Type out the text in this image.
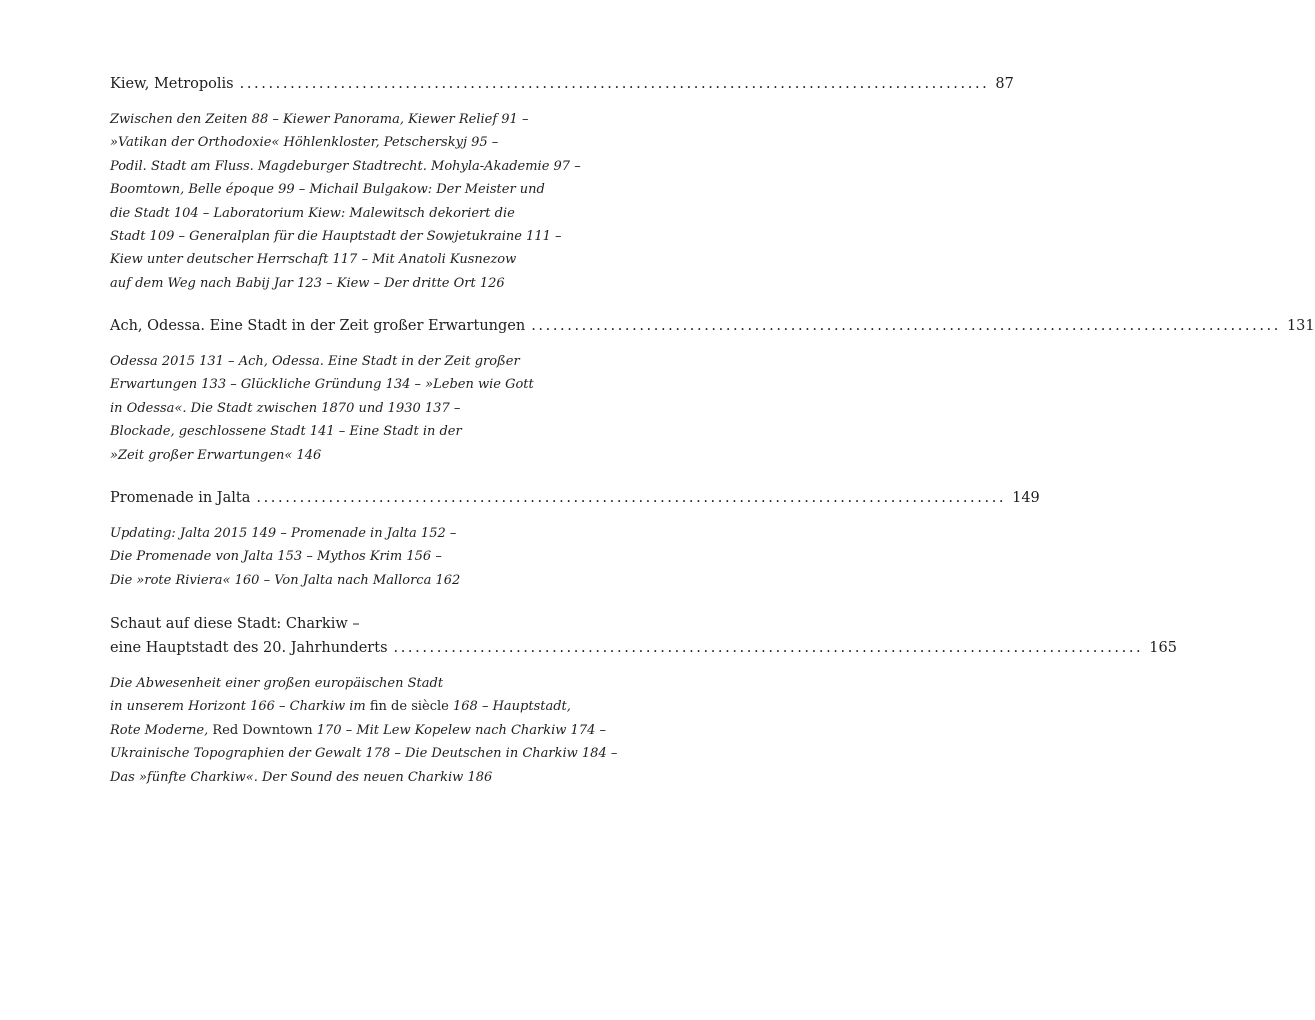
Kiew, Metropolis ........................................................................................................ 87
Zwischen den Zeiten 88 – Kiewer Panorama, Kiewer Relief 91 –
»Vatikan der Orthodoxie« Höhlenkloster, Petscherskyj 95 –
Podil. Stadt am Fluss. Magdeburger Stadtrecht. Mohyla-Akademie 97 –
Boomtown, Belle époque 99 – Michail Bulgakow: Der Meister und
die Stadt 104 – Laboratorium Kiew: Malewitsch dekoriert die
Stadt 109 – Generalplan für die Hauptstadt der Sowjetukraine 111 –
Kiew unter deutscher Herrschaft 117 – Mit Anatoli Kusnezow
auf dem Weg nach Babij Jar 123 – Kiew – Der dritte Ort 126
Ach, Odessa. Eine Stadt in der Zeit großer Erwartungen ........................................................................................................ 131
Odessa 2015 131 – Ach, Odessa. Eine Stadt in der Zeit großer
Erwartungen 133 – Glückliche Gründung 134 – »Leben wie Gott
in Odessa«. Die Stadt zwischen 1870 und 1930 137 –
Blockade, geschlossene Stadt 141 – Eine Stadt in der
»Zeit großer Erwartungen« 146
Promenade in Jalta ........................................................................................................ 149
Updating: Jalta 2015 149 – Promenade in Jalta 152 –
Die Promenade von Jalta 153 – Mythos Krim 156 –
Die »rote Riviera« 160 – Von Jalta nach Mallorca 162
Schaut auf diese Stadt: Charkiw –
eine Hauptstadt des 20. Jahrhunderts ........................................................................................................ 165
Die Abwesenheit einer großen europäischen Stadt
in unserem Horizont 166 – Charkiw im fin de siècle 168 – Hauptstadt,
Rote Moderne, Red Downtown 170 – Mit Lew Kopelew nach Charkiw 174 –
Ukrainische Topographien der Gewalt 178 – Die Deutschen in Charkiw 184 –
Das »fünfte Charkiw«. Der Sound des neuen Charkiw 186
